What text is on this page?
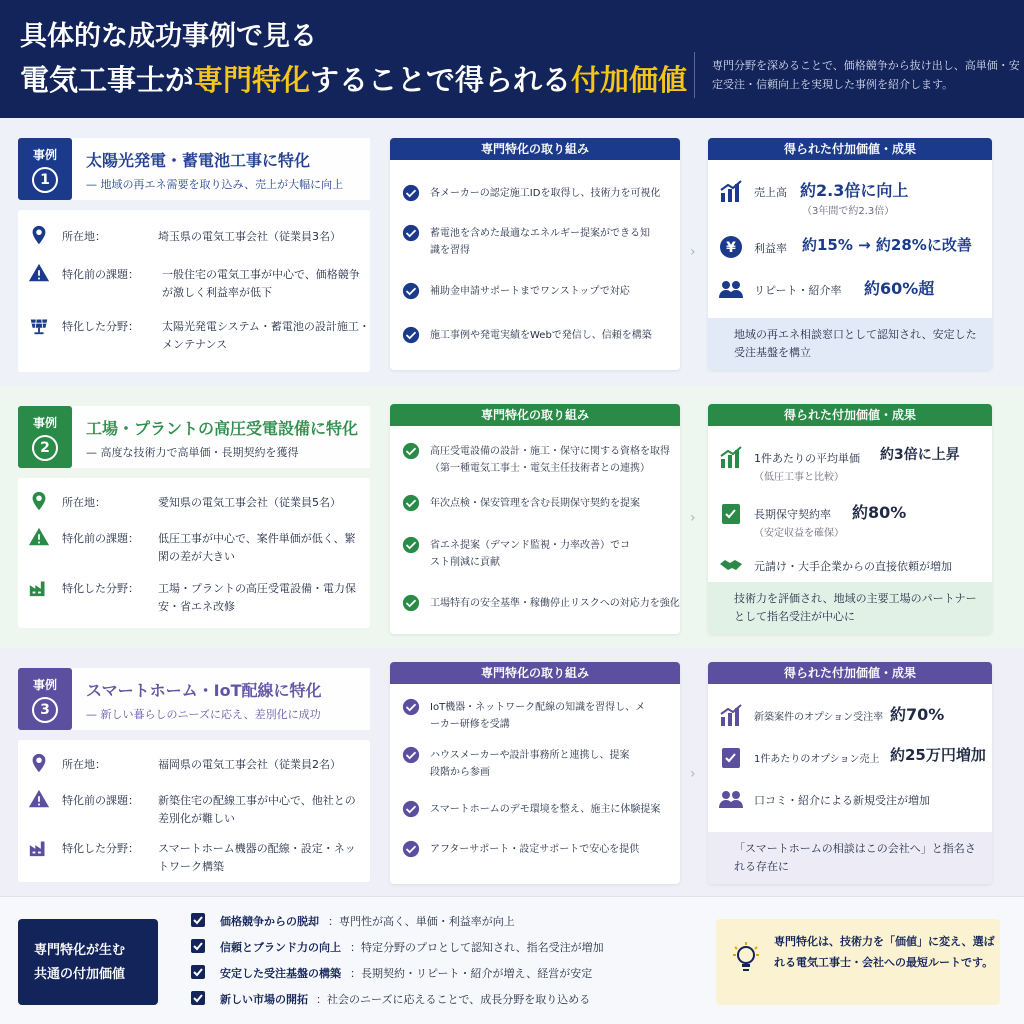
具体的な成功事例で見る
電気工事士が専門特化することで得られる付加価値 専門分野を深めることで、価格競争から抜け出し、高単価・安定受注・信頼向上を実現した事例を紹介します。
事例
1
太陽光発電・蓄電池工事に特化
— 地域の再エネ需要を取り込み、売上が大幅に向上
所在地：	埼玉県の電気工事会社（従業員3名）
特化前の課題： 一般住宅の電気工事が中心で、価格競争が激しく利益率が低下
特化した分野： 太陽光発電システム・蓄電池の設計施工・メンテナンス
専門特化の取り組み
各メーカーの認定施工IDを取得し、技術力を可視化
蓄電池を含めた最適なエネルギー提案ができる知識を習得
補助金申請サポートまでワンストップで対応
施工事例や発電実績をWebで発信し、信頼を構築
›
得られた付加価値・成果
売上高 約2.3倍に向上
（3年間で約2.3倍）
¥ 利益率 約15% → 約28%に改善
リピート・紹介率 約60%超
地域の再エネ相談窓口として認知され、安定した受注基盤を構立
事例
2
工場・プラントの高圧受電設備に特化
— 高度な技術力で高単価・長期契約を獲得
所在地：	愛知県の電気工事会社（従業員5名）
特化前の課題： 低圧工事が中心で、案件単価が低く、繁閑の差が大きい
特化した分野： 工場・プラントの高圧受電設備・電力保安・省エネ改修
専門特化の取り組み
高圧受電設備の設計・施工・保守に関する資格を取得（第一種電気工事士・電気主任技術者との連携）
年次点検・保安管理を含む長期保守契約を提案
省エネ提案（デマンド監視・力率改善）でコスト削減に貢献
工場特有の安全基準・稼働停止リスクへの対応力を強化
›
得られた付加価値・成果
1件あたりの平均単価 約3倍に上昇
（低圧工事と比較）
長期保守契約率 約80%
（安定収益を確保）
元請け・大手企業からの直接依頼が増加
技術力を評価され、地域の主要工場のパートナーとして指名受注が中心に
事例
3
スマートホーム・IoT配線に特化
— 新しい暮らしのニーズに応え、差別化に成功
所在地：	福岡県の電気工事会社（従業員2名）
特化前の課題： 新築住宅の配線工事が中心で、他社との差別化が難しい
特化した分野： スマートホーム機器の配線・設定・ネットワーク構築
専門特化の取り組み
IoT機器・ネットワーク配線の知識を習得し、メーカー研修を受講
ハウスメーカーや設計事務所と連携し、提案段階から参画
スマートホームのデモ環境を整え、施主に体験提案
アフターサポート・設定サポートで安心を提供
›
得られた付加価値・成果
新築案件のオプション受注率 約70%
1件あたりのオプション売上 約25万円増加
口コミ・紹介による新規受注が増加
「スマートホームの相談はこの会社へ」と指名される存在に
専門特化が生む
共通の付加価値
価格競争からの脱却 ：専門性が高く、単価・利益率が向上
信頼とブランド力の向上 ：特定分野のプロとして認知され、指名受注が増加
安定した受注基盤の構築 ：長期契約・リピート・紹介が増え、経営が安定
新しい市場の開拓 ：社会のニーズに応えることで、成長分野を取り込める
専門特化は、技術力を「価値」に変え、選ばれる電気工事士・会社への最短ルートです。
